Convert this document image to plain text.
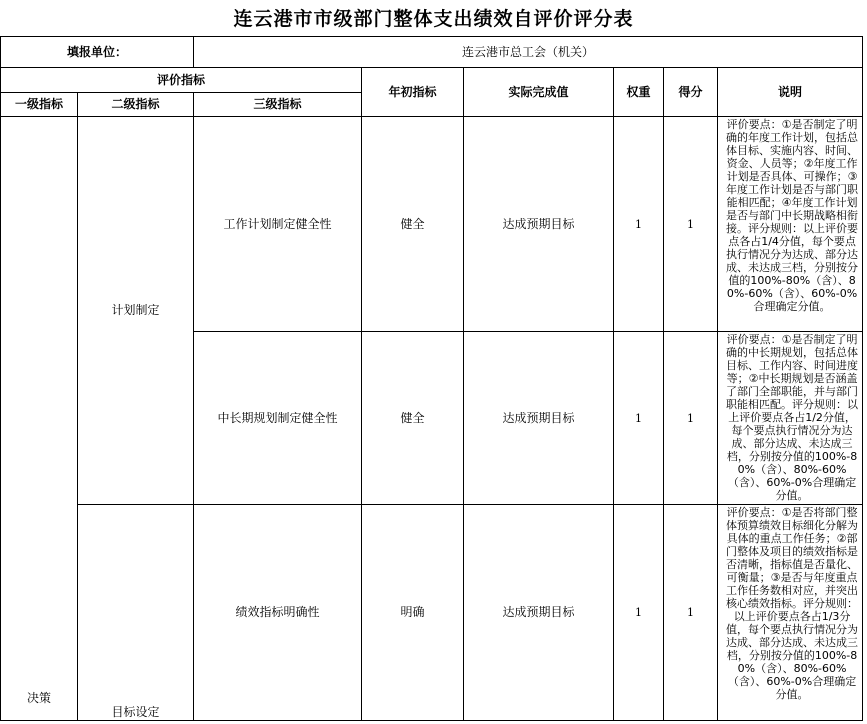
连云港市市级部门整体支出绩效自评价评分表
填报单位：		连云港市总工会（机关）					
评价指标			年初指标	实际完成值	权重	得分	说明
一级指标	二级指标	三级指标					
决策	计划制定	工作计划制定健全性	健全	达成预期目标	1	1	评价要点：①是否制定了明确的年度工作计划，包括总体目标、实施内容、时间、资金、人员等；②年度工作计划是否具体、可操作；③年度工作计划是否与部门职能相匹配；④年度工作计划是否与部门中长期战略相衔接。评分规则：以上评价要点各占1/4分值，每个要点执行情况分为达成、部分达成、未达成三档，分别按分值的100%-80%（含）、80%-60%（含）、60%-0%合理确定分值。

		中长期规划制定健全性	健全	达成预期目标	1	1	评价要点：①是否制定了明确的中长期规划，包括总体目标、工作内容、时间进度等；②中长期规划是否涵盖了部门全部职能，并与部门职能相匹配。评分规则：以上评价要点各占1/2分值，每个要点执行情况分为达成、部分达成、未达成三档，分别按分值的100%-80%（含）、80%-60%（含）、60%-0%合理确定分值。

	目标设定	绩效指标明确性	明确	达成预期目标	1	1	评价要点：①是否将部门整体预算绩效目标细化分解为具体的重点工作任务；②部门整体及项目的绩效指标是否清晰，指标值是否量化、可衡量；③是否与年度重点工作任务数相对应，并突出核心绩效指标。评分规则：以上评价要点各占1/3分值，每个要点执行情况分为达成、部分达成、未达成三档，分别按分值的100%-80%（含）、80%-60%（含）、60%-0%合理确定分值。
